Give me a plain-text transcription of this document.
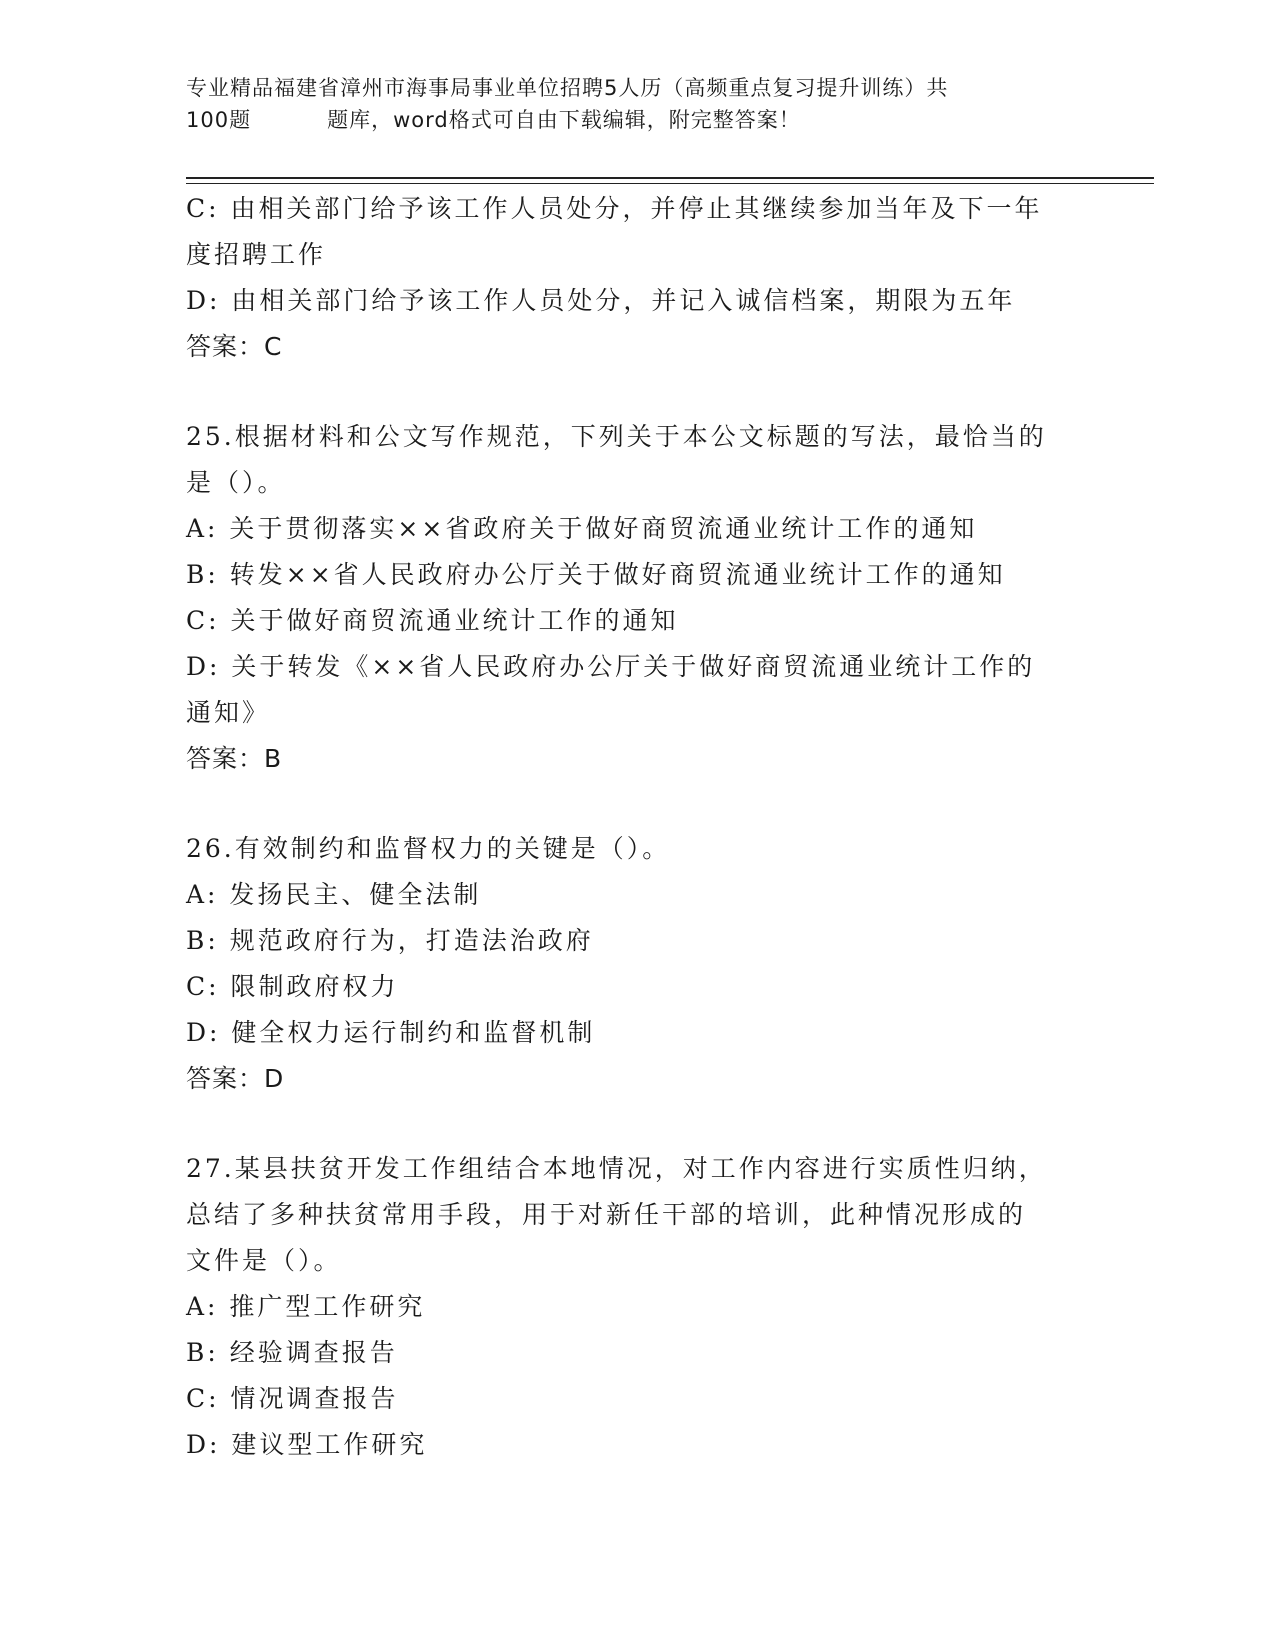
专业精品福建省漳州市海事局事业单位招聘5人历（高频重点复习提升训练）共
100题	题库，word格式可自由下载编辑，附完整答案！
C: 由相关部门给予该工作人员处分，并停止其继续参加当年及下一年
度招聘工作
D: 由相关部门给予该工作人员处分，并记入诚信档案，期限为五年
答案：C
25.根据材料和公文写作规范，下列关于本公文标题的写法，最恰当的
是（）。
A: 关于贯彻落实××省政府关于做好商贸流通业统计工作的通知
B: 转发××省人民政府办公厅关于做好商贸流通业统计工作的通知
C: 关于做好商贸流通业统计工作的通知
D: 关于转发《××省人民政府办公厅关于做好商贸流通业统计工作的
通知》
答案：B
26.有效制约和监督权力的关键是（）。
A: 发扬民主、健全法制
B: 规范政府行为，打造法治政府
C: 限制政府权力
D: 健全权力运行制约和监督机制
答案：D
27.某县扶贫开发工作组结合本地情况，对工作内容进行实质性归纳，
总结了多种扶贫常用手段，用于对新任干部的培训，此种情况形成的
文件是（）。
A: 推广型工作研究
B: 经验调查报告
C: 情况调查报告
D: 建议型工作研究
